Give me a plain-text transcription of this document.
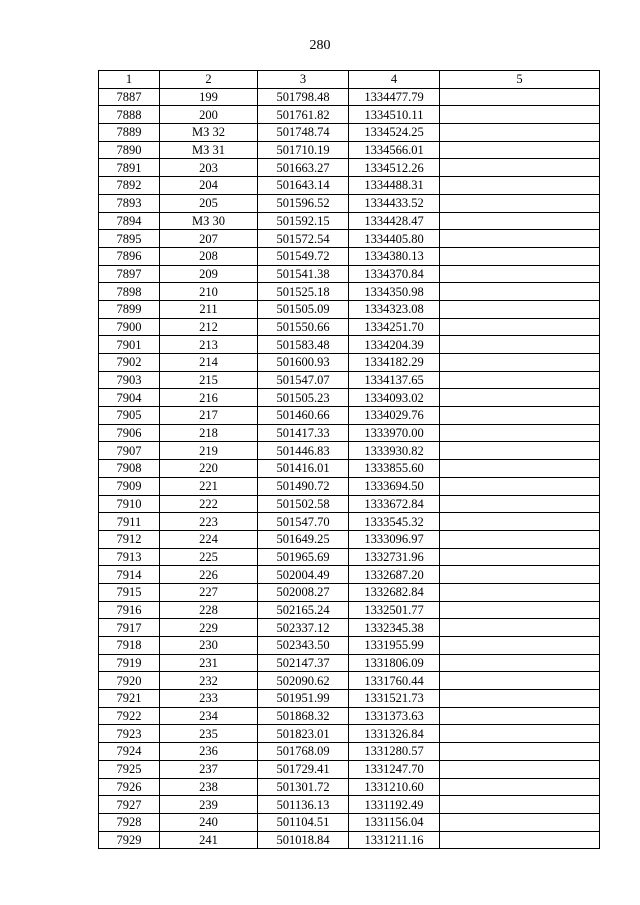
280
1	2	3	4	5
7887	199	501798.48	1334477.79	
7888	200	501761.82	1334510.11	
7889	МЗ 32	501748.74	1334524.25	
7890	МЗ 31	501710.19	1334566.01	
7891	203	501663.27	1334512.26	
7892	204	501643.14	1334488.31	
7893	205	501596.52	1334433.52	
7894	МЗ 30	501592.15	1334428.47	
7895	207	501572.54	1334405.80	
7896	208	501549.72	1334380.13	
7897	209	501541.38	1334370.84	
7898	210	501525.18	1334350.98	
7899	211	501505.09	1334323.08	
7900	212	501550.66	1334251.70	
7901	213	501583.48	1334204.39	
7902	214	501600.93	1334182.29	
7903	215	501547.07	1334137.65	
7904	216	501505.23	1334093.02	
7905	217	501460.66	1334029.76	
7906	218	501417.33	1333970.00	
7907	219	501446.83	1333930.82	
7908	220	501416.01	1333855.60	
7909	221	501490.72	1333694.50	
7910	222	501502.58	1333672.84	
7911	223	501547.70	1333545.32	
7912	224	501649.25	1333096.97	
7913	225	501965.69	1332731.96	
7914	226	502004.49	1332687.20	
7915	227	502008.27	1332682.84	
7916	228	502165.24	1332501.77	
7917	229	502337.12	1332345.38	
7918	230	502343.50	1331955.99	
7919	231	502147.37	1331806.09	
7920	232	502090.62	1331760.44	
7921	233	501951.99	1331521.73	
7922	234	501868.32	1331373.63	
7923	235	501823.01	1331326.84	
7924	236	501768.09	1331280.57	
7925	237	501729.41	1331247.70	
7926	238	501301.72	1331210.60	
7927	239	501136.13	1331192.49	
7928	240	501104.51	1331156.04	
7929	241	501018.84	1331211.16	
